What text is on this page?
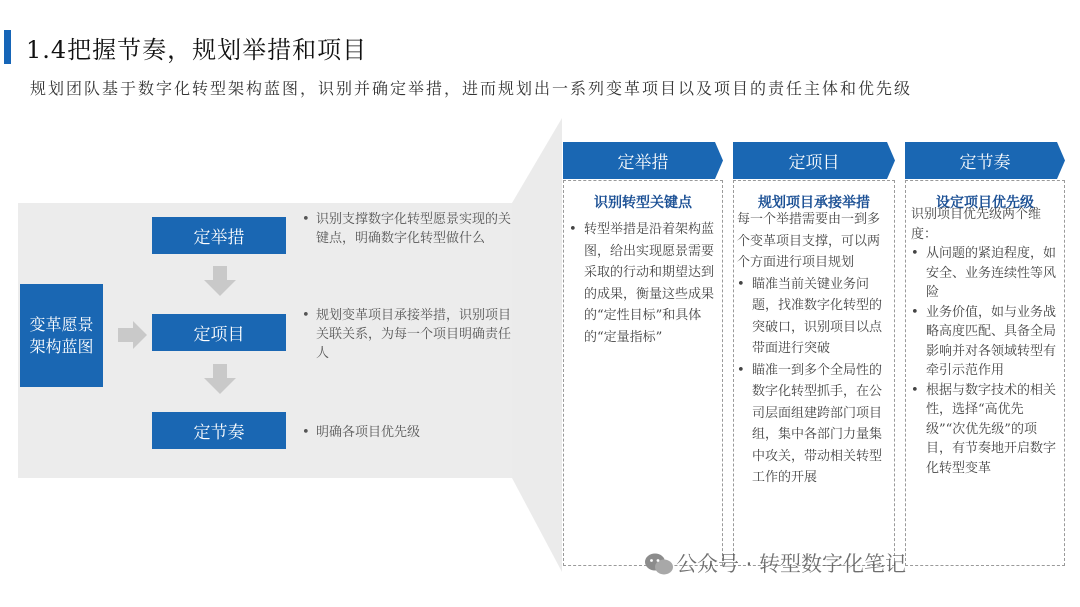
1.4把握节奏，规划举措和项目
规划团队基于数字化转型架构蓝图，识别并确定举措，进而规划出一系列变革项目以及项目的责任主体和优先级
变革愿景架构蓝图
定举措
定项目
定节奏
• 识别支撑数字化转型愿景实现的关键点，明确数字化转型做什么
• 规划变革项目承接举措，识别项目关联关系，为每一个项目明确责任人
• 明确各项目优先级
定举措
识别转型关键点
• 转型举措是沿着架构蓝图，给出实现愿景需要采取的行动和期望达到的成果，衡量这些成果的“定性目标”和具体的“定量指标”
定项目
规划项目承接举措

每一个举措需要由一到多个变革项目支撑，可以两个方面进行项目规划

• 瞄准当前关键业务问题，找准数字化转型的突破口，识别项目以点带面进行突破
• 瞄准一到多个全局性的数字化转型抓手，在公司层面组建跨部门项目组，集中各部门力量集中攻关，带动相关转型工作的开展
定节奏
设定项目优先级

识别项目优先级两个维度：

• 从问题的紧迫程度，如安全、业务连续性等风险
• 业务价值，如与业务战略高度匹配、具备全局影响并对各领域转型有牵引示范作用
• 根据与数字技术的相关性，选择“高优先级”“次优先级”的项目，有节奏地开启数字化转型变革
公众号 · 转型数字化笔记
